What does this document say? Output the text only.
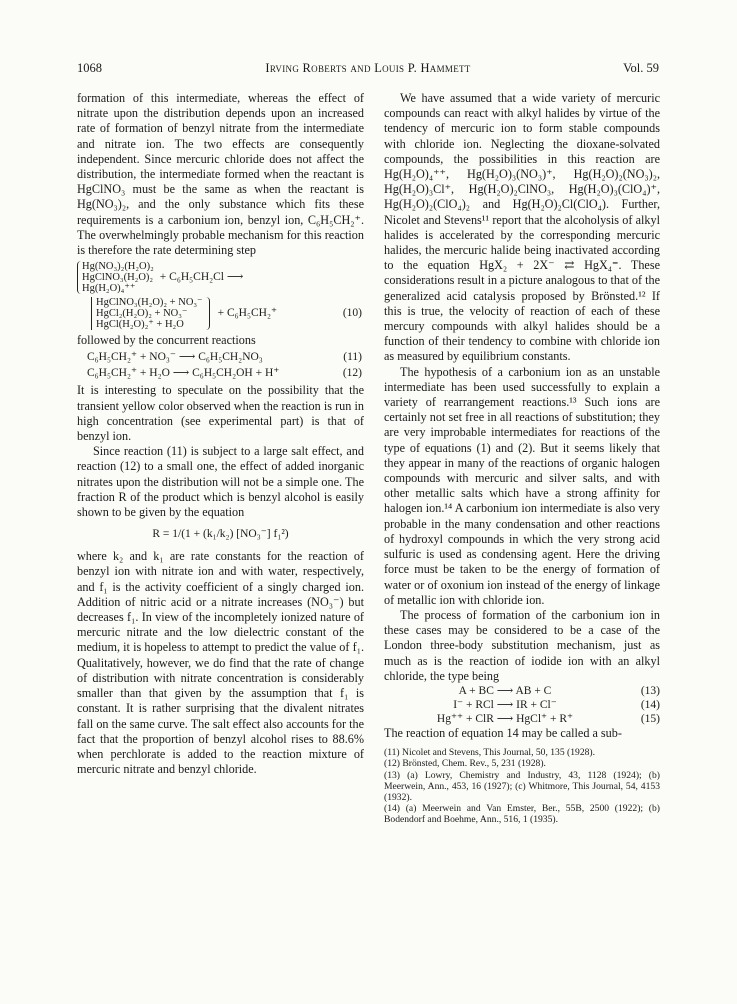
1068	Irving Roberts and Louis P. Hammett	Vol. 59

formation of this intermediate, whereas the effect of nitrate upon the distribution depends upon an increased rate of formation of benzyl nitrate from the intermediate and nitrate ion. The two effects are consequently independent. Since mercuric chloride does not affect the distribution, the intermediate formed when the reactant is HgClNO₃ must be the same as when the reactant is Hg(NO₃)₂, and the only substance which fits these requirements is a carbonium ion, benzyl ion, C₆H₅CH₂⁺. The overwhelmingly probable mechanism for this reaction is therefore the rate determining step

Hg(NO₃)₂(H₂O)₂
HgClNO₃(H₂O)₂
Hg(H₂O)₄⁺⁺
+ C₆H₅CH₂Cl ⟶
HgClNO₃(H₂O)₂ + NO₃⁻
HgCl₂(H₂O)₂ + NO₃⁻
HgCl(H₂O)₂⁺ + H₂O
+ C₆H₅CH₂⁺	(10)

followed by the concurrent reactions

C₆H₅CH₂⁺ + NO₃⁻ ⟶ C₆H₅CH₂NO₃	(11)
C₆H₅CH₂⁺ + H₂O ⟶ C₆H₅CH₂OH + H⁺	(12)

It is interesting to speculate on the possibility that the transient yellow color observed when the reaction is run in high concentration (see experimental part) is that of benzyl ion.

Since reaction (11) is subject to a large salt effect, and reaction (12) to a small one, the effect of added inorganic nitrates upon the distribution will not be a simple one. The fraction R of the product which is benzyl alcohol is easily shown to be given by the equation

R = 1/(1 + (k₁/k₂) [NO₃⁻] f₁²)

where k₂ and k₁ are rate constants for the reaction of benzyl ion with nitrate ion and with water, respectively, and f₁ is the activity coefficient of a singly charged ion. Addition of nitric acid or a nitrate increases (NO₃⁻) but decreases f₁. In view of the incompletely ionized nature of mercuric nitrate and the low dielectric constant of the medium, it is hopeless to attempt to predict the value of f₁. Qualitatively, however, we do find that the rate of change of distribution with nitrate concentration is considerably smaller than that given by the assumption that f₁ is constant. It is rather surprising that the divalent nitrates fall on the same curve. The salt effect also accounts for the fact that the proportion of benzyl alcohol rises to 88.6% when perchlorate is added to the reaction mixture of mercuric nitrate and benzyl chloride.

We have assumed that a wide variety of mercuric compounds can react with alkyl halides by virtue of the tendency of mercuric ion to form stable compounds with chloride ion. Neglecting the dioxane-solvated compounds, the possibilities in this reaction are Hg(H₂O)₄⁺⁺, Hg(H₂O)₃(NO₃)⁺, Hg(H₂O)₂(NO₃)₂, Hg(H₂O)₃Cl⁺, Hg(H₂O)₂ClNO₃, Hg(H₂O)₃(ClO₄)⁺, Hg(H₂O)₂(ClO₄)₂ and Hg(H₂O)₂Cl(ClO₄). Further, Nicolet and Stevens¹¹ report that the alcoholysis of alkyl halides is accelerated by the corresponding mercuric halides, the mercuric halide being inactivated according to the equation HgX₂ + 2X⁻ ⇄ HgX₄⁼. These considerations result in a picture analogous to that of the generalized acid catalysis proposed by Brönsted.¹² If this is true, the velocity of reaction of each of these mercury compounds with alkyl halides should be a function of their tendency to combine with chloride ion as measured by equilibrium constants.

The hypothesis of a carbonium ion as an unstable intermediate has been used successfully to explain a variety of rearrangement reactions.¹³ Such ions are certainly not set free in all reactions of substitution; they are very improbable intermediates for reactions of the type of equations (1) and (2). But it seems likely that they appear in many of the reactions of organic halogen compounds with mercuric and silver salts, and with other metallic salts which have a strong affinity for halogen ion.¹⁴ A carbonium ion intermediate is also very probable in the many condensation and other reactions of hydroxyl compounds in which the very strong acid sulfuric is used as condensing agent. Here the driving force must be taken to be the energy of formation of water or of oxonium ion instead of the energy of linkage of metallic ion with chloride ion.

The process of formation of the carbonium ion in these cases may be considered to be a case of the London three-body substitution mechanism, just as much as is the reaction of iodide ion with an alkyl chloride, the type being

A + BC ⟶ AB + C	(13)
I⁻ + RCl ⟶ IR + Cl⁻	(14)
Hg⁺⁺ + ClR ⟶ HgCl⁺ + R⁺	(15)

The reaction of equation 14 may be called a sub-

(11) Nicolet and Stevens, This Journal, 50, 135 (1928).

(12) Brönsted, Chem. Rev., 5, 231 (1928).

(13) (a) Lowry, Chemistry and Industry, 43, 1128 (1924); (b) Meerwein, Ann., 453, 16 (1927); (c) Whitmore, This Journal, 54, 4153 (1932).

(14) (a) Meerwein and Van Emster, Ber., 55B, 2500 (1922); (b) Bodendorf and Boehme, Ann., 516, 1 (1935).
